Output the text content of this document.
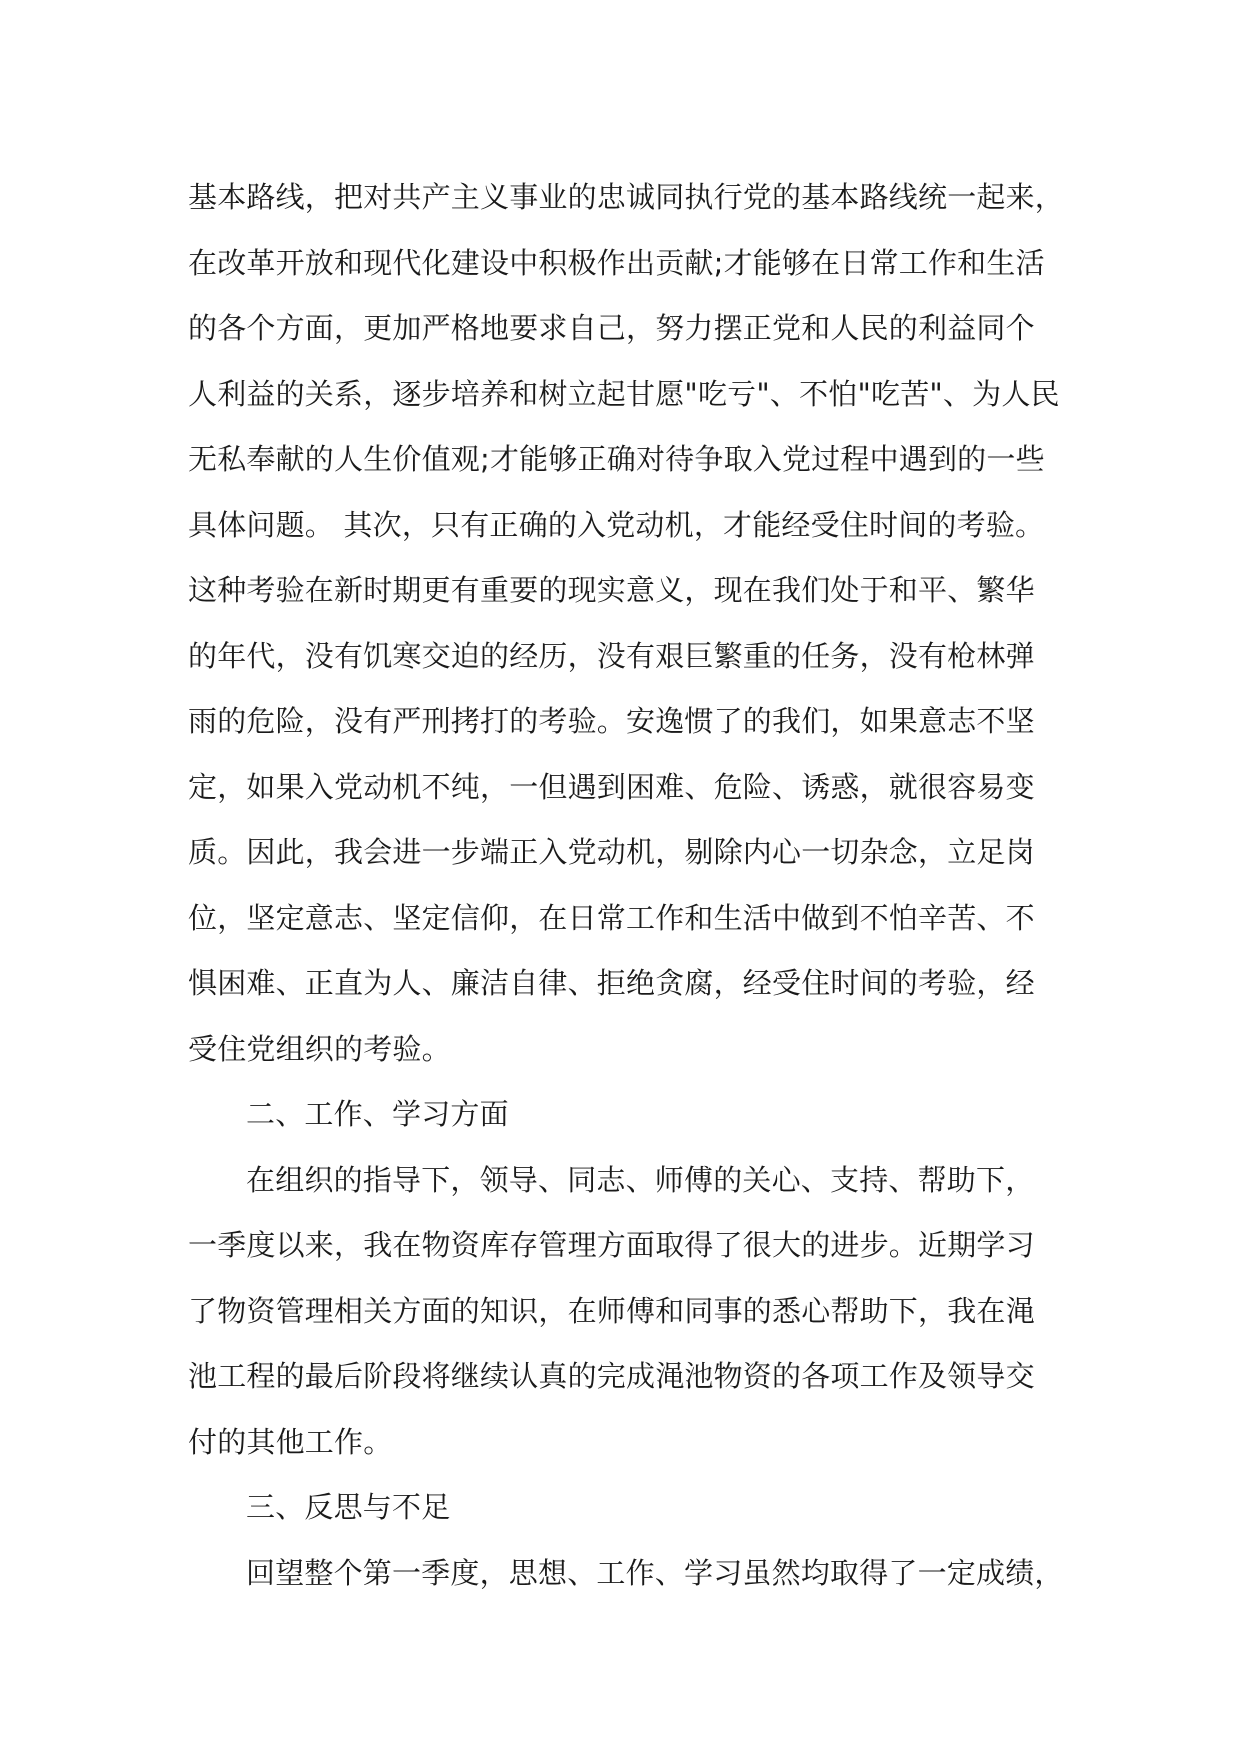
基本路线，把对共产主义事业的忠诚同执行党的基本路线统一起来，
在改革开放和现代化建设中积极作出贡献;才能够在日常工作和生活
的各个方面，更加严格地要求自己，努力摆正党和人民的利益同个
人利益的关系，逐步培养和树立起甘愿"吃亏"、不怕"吃苦"、为人民
无私奉献的人生价值观;才能够正确对待争取入党过程中遇到的一些
具体问题。 其次，只有正确的入党动机，才能经受住时间的考验。
这种考验在新时期更有重要的现实意义，现在我们处于和平、繁华
的年代，没有饥寒交迫的经历，没有艰巨繁重的任务，没有枪林弹
雨的危险，没有严刑拷打的考验。安逸惯了的我们，如果意志不坚
定，如果入党动机不纯，一但遇到困难、危险、诱惑，就很容易变
质。因此，我会进一步端正入党动机，剔除内心一切杂念，立足岗
位，坚定意志、坚定信仰，在日常工作和生活中做到不怕辛苦、不
惧困难、正直为人、廉洁自律、拒绝贪腐，经受住时间的考验，经
受住党组织的考验。
二、工作、学习方面
在组织的指导下，领导、同志、师傅的关心、支持、帮助下，
一季度以来，我在物资库存管理方面取得了很大的进步。近期学习
了物资管理相关方面的知识，在师傅和同事的悉心帮助下，我在渑
池工程的最后阶段将继续认真的完成渑池物资的各项工作及领导交
付的其他工作。
三、反思与不足
回望整个第一季度，思想、工作、学习虽然均取得了一定成绩，
